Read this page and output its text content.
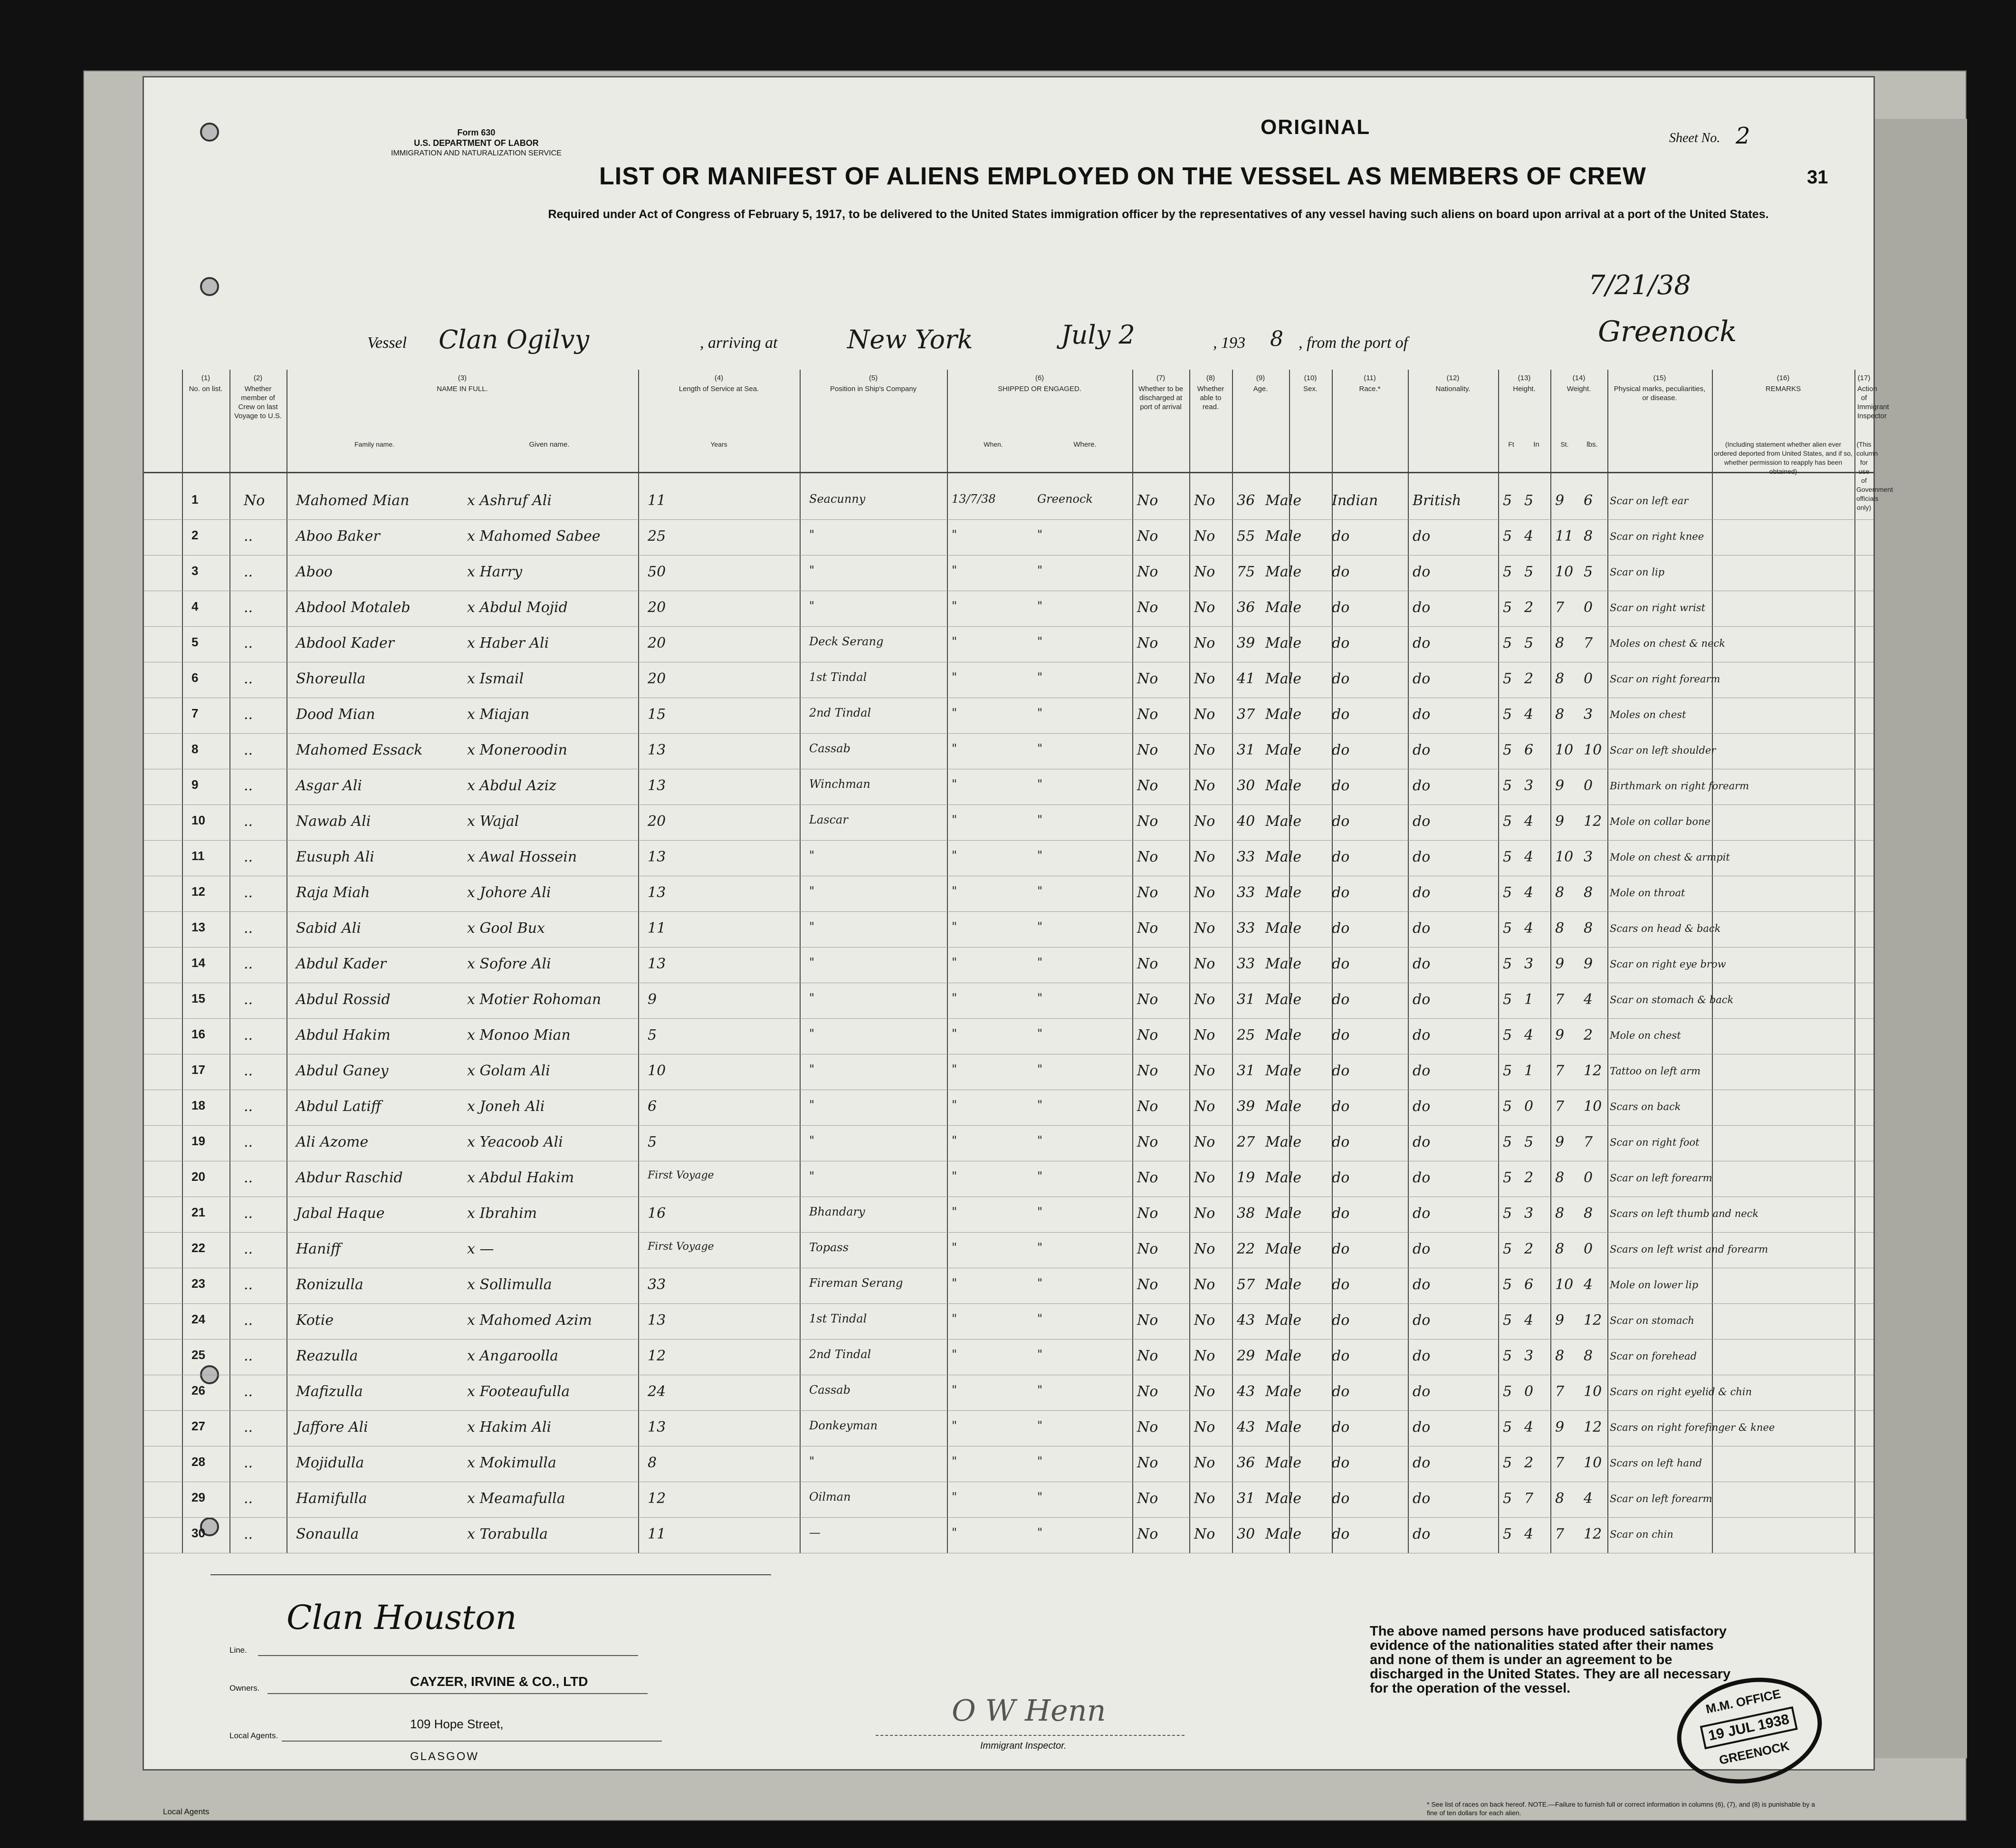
Form 630
U.S. DEPARTMENT OF LABOR
IMMIGRATION AND NATURALIZATION SERVICE
ORIGINAL	Sheet No. 2
31
LIST OR MANIFEST OF ALIENS EMPLOYED ON THE VESSEL AS MEMBERS OF CREW
Required under Act of Congress of February 5, 1917, to be delivered to the United States immigration officer by the representatives of any vessel having such aliens on board upon arrival at a port of the United States.
Vessel Clan Ogilvy	, arriving at	New York	July 2	, 193 8 , from the port of	Greenock
7/21/38
(1)
No. on list.
(2)
Whether member of Crew on last Voyage to U.S.
(3)
NAME IN FULL.
Family name.	Given name.
(4)
Length of Service at Sea.
Years
(5)
Position in Ship's Company
(6)
SHIPPED OR ENGAGED.
When.	Where.
(7)
Whether to be discharged at port of arrival
(8)
Whether able to read.
(9)
Age.
(10)
Sex.
(11)
Race.*
(12)
Nationality.
(13)
Height.
Ft	In
(14)
Weight.
St.	lbs.
(15)
Physical marks, peculiarities, or disease.
(16)
REMARKS
(Including statement whether alien ever ordered deported from United States, and if so, whether permission to reapply has been obtained)
(17)
Action of Immigrant Inspector
(This column for use of Government officials only)
1	No	Mahomed Mian	x Ashruf Ali	11	Seacunny	13/7/38	Greenock	No	No	36 Male	Indian	British	5 5	9	6	Scar on left ear
2	..	Aboo Baker	x Mahomed Sabee	25	"	"	"	No	No	55 Male	do	do	5 4	11 8	Scar on right knee
3	..	Aboo	x Harry	50	"	"	"	No	No	75 Male	do	do	5 5	10 5	Scar on lip
4	..	Abdool Motaleb	x Abdul Mojid	20	"	"	"	No	No	36 Male	do	do	5 2	7	0	Scar on right wrist
5	..	Abdool Kader	x Haber Ali	20	Deck Serang	"	"	No	No	39 Male	do	do	5 5	8	7	Moles on chest & neck
6	..	Shorеulla	x Ismail	20	1st Tindal	"	"	No	No	41 Male	do	do	5 2	8	0	Scar on right forearm
7	..	Dood Mian	x Miajan	15	2nd Tindal	"	"	No	No	37 Male	do	do	5 4	8	3	Moles on chest
8	..	Mahomed Essack	x Moneroodin	13	Cassab	"	"	No	No	31 Male	do	do	5 6	10 10 Scar on left shoulder
9	..	Asgar Ali	x Abdul Aziz	13	Winchman	"	"	No	No	30 Male	do	do	5 3	9	0	Birthmark on right forearm
10	..	Nawab Ali	x Wajal	20	Lascar	"	"	No	No	40 Male	do	do	5 4	9	12 Mole on collar bone
11	..	Eusuph Ali	x Awal Hossein	13	"	"	"	No	No	33 Male	do	do	5 4	10 3	Mole on chest & armpit
12	..	Raja Miah	x Johore Ali	13	"	"	"	No	No	33 Male	do	do	5 4	8	8	Mole on throat
13	..	Sabid Ali	x Gool Bux	11	"	"	"	No	No	33 Male	do	do	5 4	8	8	Scars on head & back
14	..	Abdul Kader	x Sofore Ali	13	"	"	"	No	No	33 Male	do	do	5 3	9	9	Scar on right eye brow
15	..	Abdul Rossid	x Motier Rohoman	9	"	"	"	No	No	31 Male	do	do	5 1	7	4	Scar on stomach & back
16	..	Abdul Hakim	x Monoo Mian	5	"	"	"	No	No	25 Male	do	do	5 4	9	2	Mole on chest
17	..	Abdul Ganey	x Golam Ali	10	"	"	"	No	No	31 Male	do	do	5 1	7	12 Tattoo on left arm
18	..	Abdul Latiff	x Joneh Ali	6	"	"	"	No	No	39 Male	do	do	5 0	7	10 Scars on back
19	..	Ali Azome	x Yeacoob Ali	5	"	"	"	No	No	27 Male	do	do	5 5	9	7	Scar on right foot
20	..	Abdur Raschid	x Abdul Hakim	First Voyage	"	"	"	No	No	19 Male	do	do	5 2	8	0	Scar on left forearm
21	..	Jabal Haque	x Ibrahim	16	Bhandary	"	"	No	No	38 Male	do	do	5 3	8	8	Scars on left thumb and neck
22	..	Haniff	x —	First Voyage	Topass	"	"	No	No	22 Male	do	do	5 2	8	0	Scars on left wrist and forearm
23	..	Ronizulla	x Sollimulla	33	Fireman Serang	"	"	No	No	57 Male	do	do	5 6	10 4	Mole on lower lip
24	..	Kotie	x Mahomed Azim	13	1st Tindal	"	"	No	No	43 Male	do	do	5 4	9	12 Scar on stomach
25	..	Reazulla	x Angaroolla	12	2nd Tindal	"	"	No	No	29 Male	do	do	5 3	8	8	Scar on forehead
26	..	Mafizulla	x Footeaufulla	24	Cassab	"	"	No	No	43 Male	do	do	5 0	7	10 Scars on right eyelid & chin
27	..	Jaffore Ali	x Hakim Ali	13	Donkeyman	"	"	No	No	43 Male	do	do	5 4	9	12 Scars on right forefinger & knee
28	..	Mojidulla	x Mokimulla	8	"	"	"	No	No	36 Male	do	do	5 2	7	10 Scars on left hand
29	..	Hamifulla	x Meamafulla	12	Oilman	"	"	No	No	31 Male	do	do	5 7	8	4	Scar on left forearm
30	..	Sonaulla	x Torabulla	11	—	"	"	No	No	30 Male	do	do	5 4	7	12 Scar on chin
The above named persons have produced satisfactory evidence of the nationalities stated after their names and none of them is under an agreement to be discharged in the United States. They are all necessary for the operation of the vessel.	M.M. OFFICE
19 JUL 1938
GREENOCK
Line.
Clan Houston
Owners.	CAYZER, IRVINE & CO., LTD
109 Hope Street,
Local Agents.
GLASGOW
O W Henn
Immigrant Inspector.
* See list of races on back hereof. NOTE.—Failure to furnish full or correct information in columns (6), (7), and (8) is punishable by a fine of ten dollars for each alien.
14—1940
Local Agents
